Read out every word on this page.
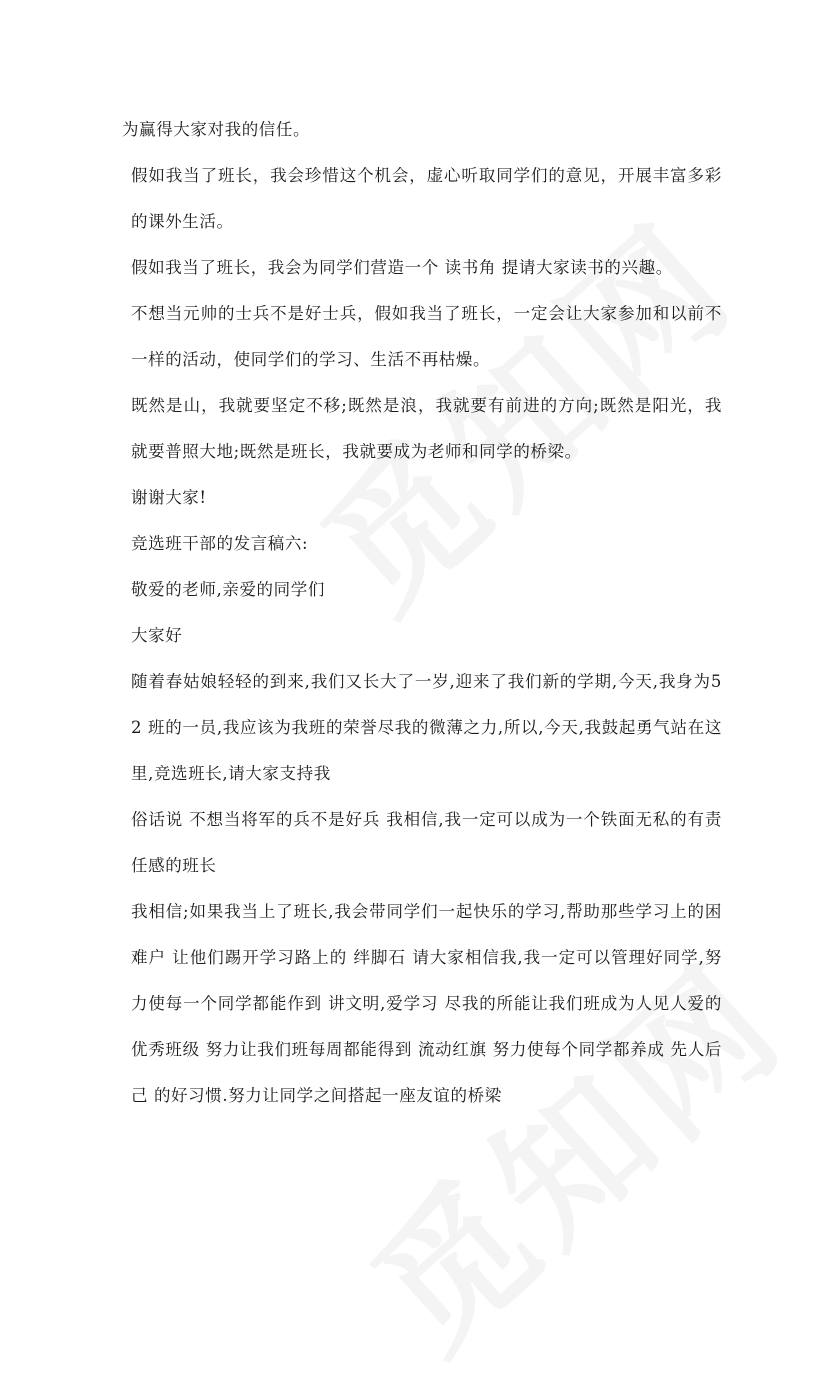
为赢得大家对我的信任。

假如我当了班长，我会珍惜这个机会，虚心听取同学们的意见，开展丰富多彩的课外生活。

假如我当了班长，我会为同学们营造一个 读书角 提请大家读书的兴趣。

不想当元帅的士兵不是好士兵，假如我当了班长，一定会让大家参加和以前不一样的活动，使同学们的学习、生活不再枯燥。

既然是山，我就要坚定不移;既然是浪，我就要有前进的方向;既然是阳光，我就要普照大地;既然是班长，我就要成为老师和同学的桥梁。

谢谢大家!

竞选班干部的发言稿六:

敬爱的老师,亲爱的同学们

大家好

随着春姑娘轻轻的到来,我们又长大了一岁,迎来了我们新的学期,今天,我身为5 2 班的一员,我应该为我班的荣誉尽我的微薄之力,所以,今天,我鼓起勇气站在这里,竞选班长,请大家支持我

俗话说 不想当将军的兵不是好兵 我相信,我一定可以成为一个铁面无私的有责任感的班长

我相信;如果我当上了班长,我会带同学们一起快乐的学习,帮助那些学习上的困难户 让他们踢开学习路上的 绊脚石 请大家相信我,我一定可以管理好同学,努力使每一个同学都能作到 讲文明,爱学习 尽我的所能让我们班成为人见人爱的 优秀班级 努力让我们班每周都能得到 流动红旗 努力使每个同学都养成 先人后己 的好习惯.努力让同学之间搭起一座友谊的桥梁
